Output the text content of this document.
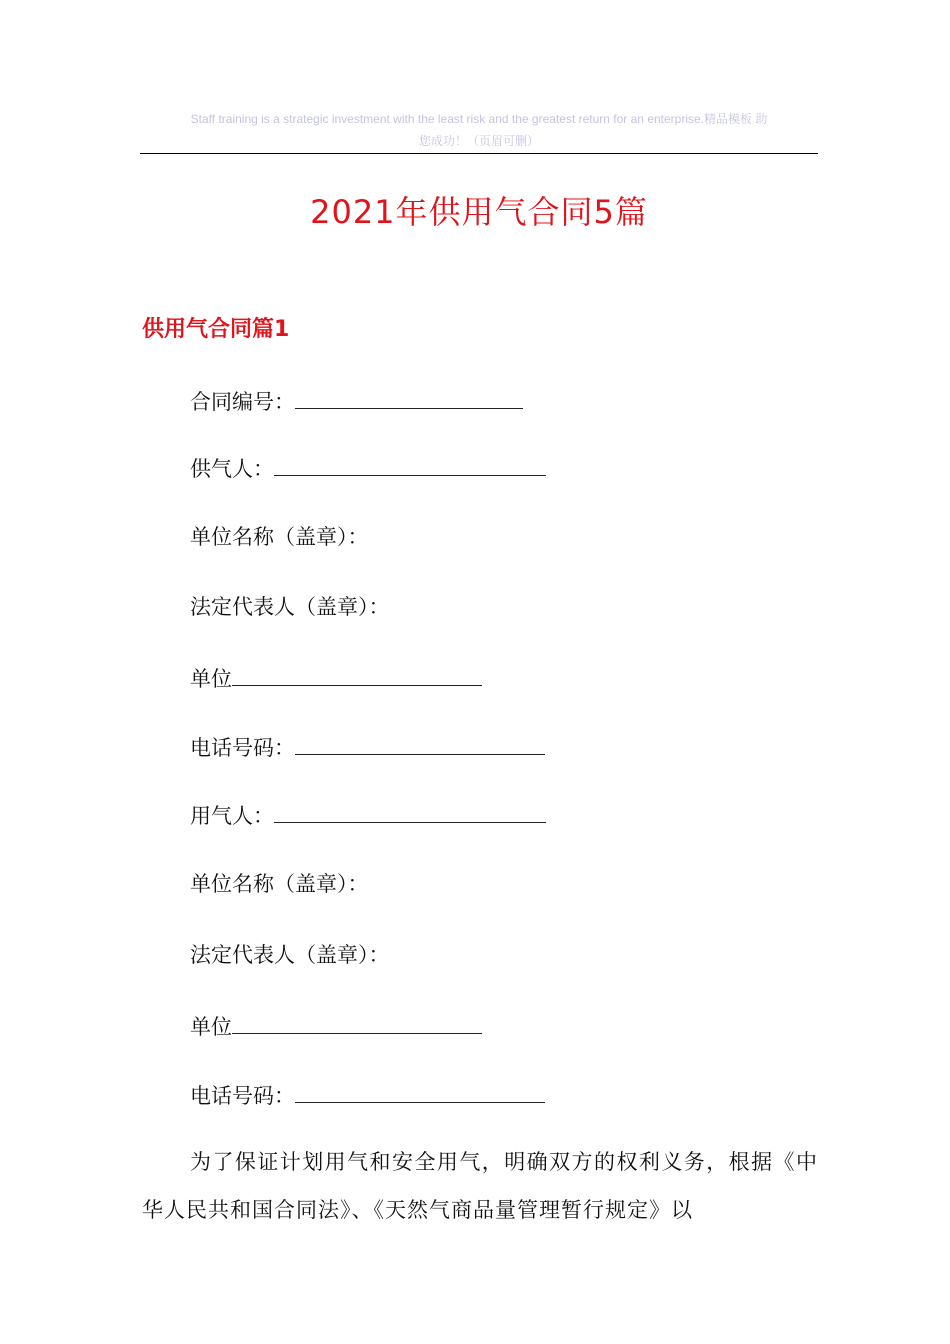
Staff training is a strategic investment with the least risk and the greatest return for an enterprise.精品模板 助
您成功！（页眉可删）
2021年供用气合同5篇
供用气合同篇1
合同编号：
供气人：
单位名称（盖章）：
法定代表人（盖章）：
单位
电话号码：
用气人：
单位名称（盖章）：
法定代表人（盖章）：
单位
电话号码：
为了保证计划用气和安全用气，明确双方的权利义务，根据《中华人民共和国合同法》、《天然气商品量管理暂行规定》以
